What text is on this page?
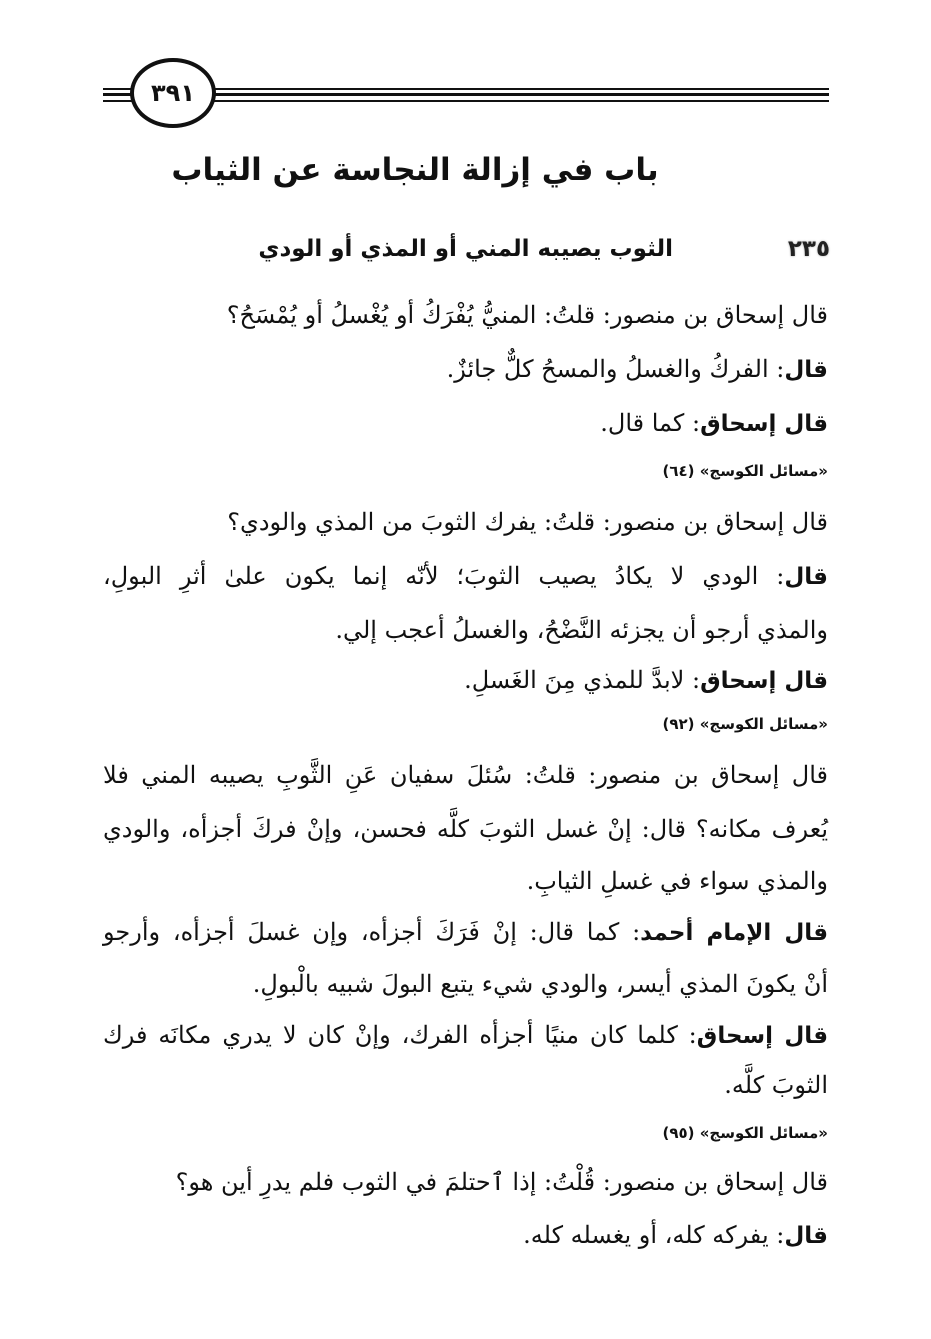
٣٩١
باب في إزالة النجاسة عن الثياب
٢٣٥
الثوب يصيبه المني أو المذي أو الودي
قال إسحاق بن منصور: قلتُ: المنيُّ يُفْرَكُ أو يُغْسلُ أو يُمْسَحُ؟
قال: الفركُ والغسلُ والمسحُ كلٌّ جائزٌ.
قال إسحاق: كما قال.
«مسائل الكوسج» (٦٤)
قال إسحاق بن منصور: قلتُ: يفرك الثوبَ من المذي والودي؟
قال: الودي لا يكادُ يصيب الثوبَ؛ لأنّه إنما يكون علىٰ أثرِ البولِ،
والمذي أرجو أن يجزئه النَّضْحُ، والغسلُ أعجب إلي.
قال إسحاق: لابدَّ للمذي مِنَ الغَسلِ.
«مسائل الكوسج» (٩٢)
قال إسحاق بن منصور: قلتُ: سُئلَ سفيان عَنِ الثَّوبِ يصيبه المني فلا
يُعرف مكانه؟ قال: إنْ غسل الثوبَ كلَّه فحسن، وإنْ فركَ أجزأه، والودي
والمذي سواء في غسلِ الثيابِ.
قال الإمام أحمد: كما قال: إنْ فَرَكَ أجزأه، وإن غسلَ أجزأه، وأرجو
أنْ يكونَ المذي أيسر، والودي شيء يتبع البولَ شبيه بالْبولِ.
قال إسحاق: كلما كان منيًا أجزأه الفرك، وإنْ كان لا يدري مكانَه فرك
الثوبَ كلَّه.
«مسائل الكوسج» (٩٥)
قال إسحاق بن منصور: قُلْتُ: إذا ٱحتلمَ في الثوب فلم يدرِ أين هو؟
قال: يفركه كله، أو يغسله كله.
